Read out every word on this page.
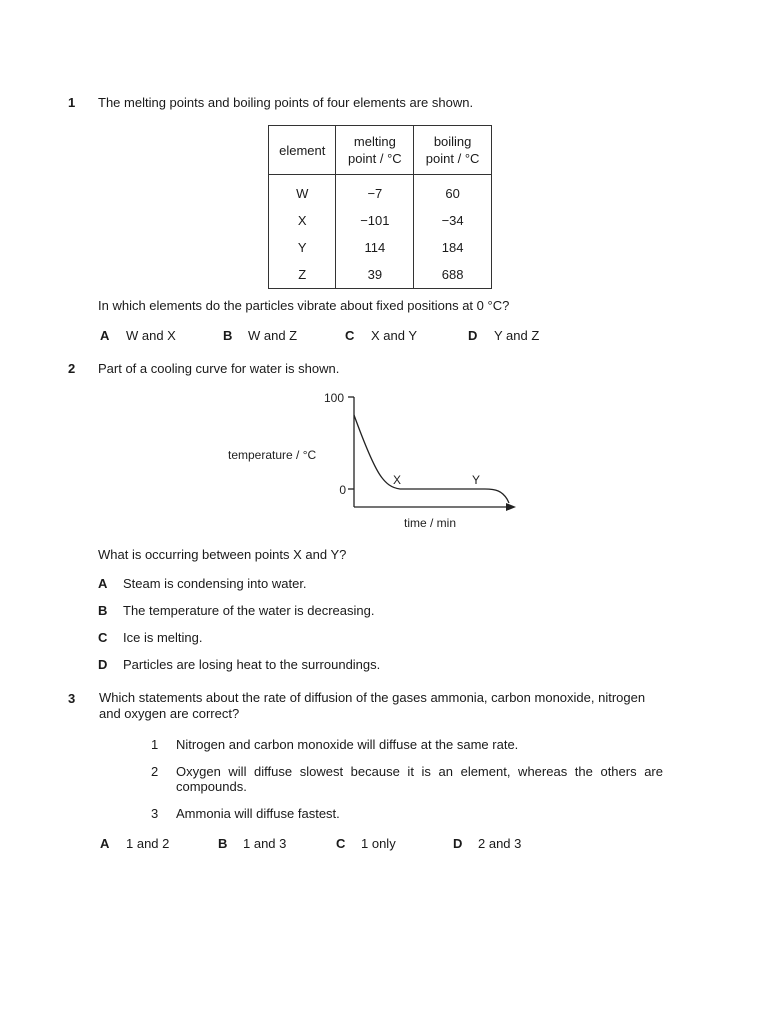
1 The melting points and boiling points of four elements are shown.
element	melting point / °C	boiling point / °C
W	−7	60
X	−101	−34
Y	114	184
Z	39	688
In which elements do the particles vibrate about fixed positions at 0 °C?
A W and X	B W and Z	C X and Y	D Y and Z
2 Part of a cooling curve for water is shown.
100
0
temperature / °C
time / min
X	Y
What is occurring between points X and Y?
A Steam is condensing into water.
B The temperature of the water is decreasing.
C Ice is melting.
D Particles are losing heat to the surroundings.
3 Which statements about the rate of diffusion of the gases ammonia, carbon monoxide, nitrogen
and oxygen are correct?
1 Nitrogen and carbon monoxide will diffuse at the same rate.
2 Oxygen will diffuse slowest because it is an element, whereas the others are compounds.
3 Ammonia will diffuse fastest.
A 1 and 2	B 1 and 3	C 1 only	D 2 and 3
